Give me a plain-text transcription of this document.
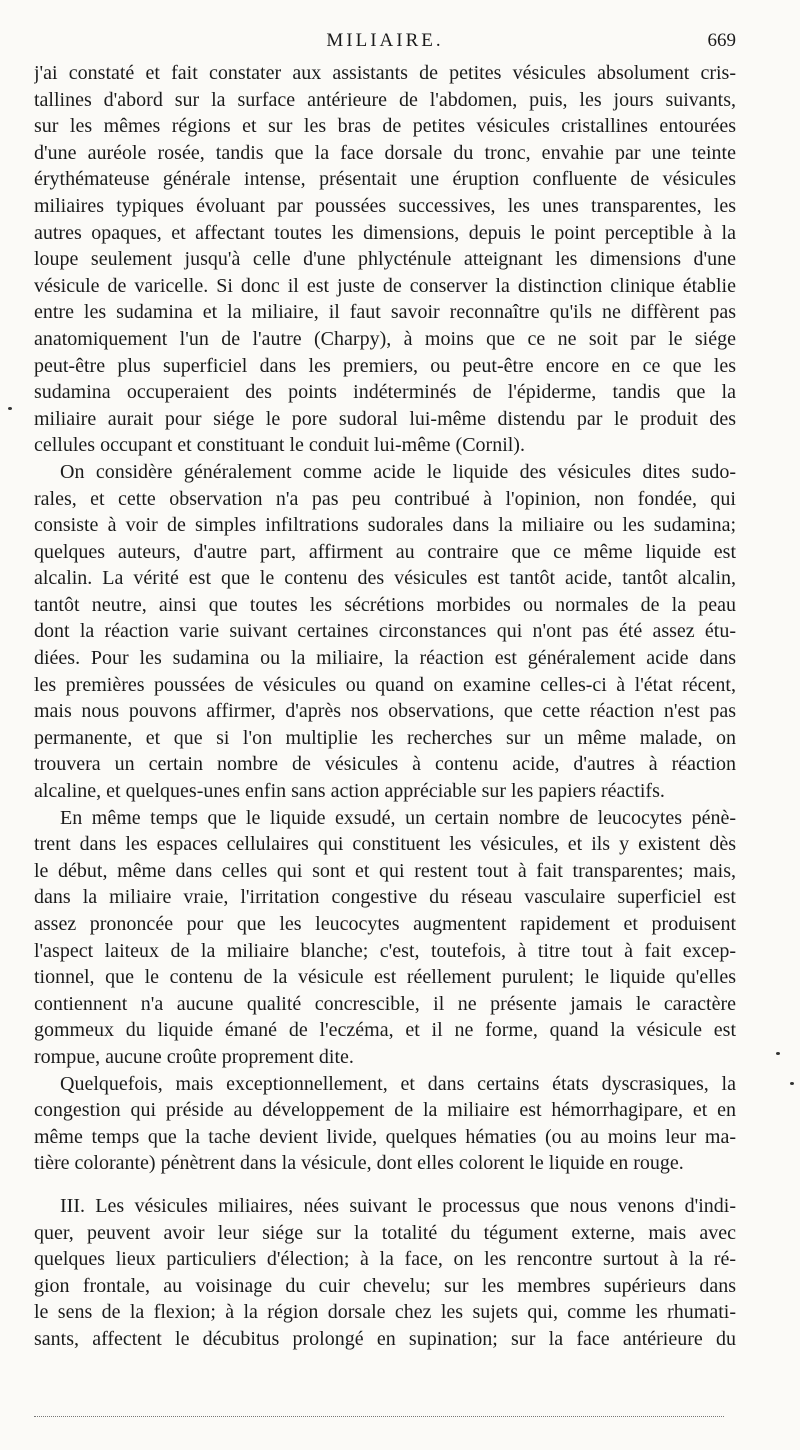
MILIAIRE.	669
j'ai constaté et fait constater aux assistants de petites vésicules absolument cris-
tallines d'abord sur la surface antérieure de l'abdomen, puis, les jours suivants,
sur les mêmes régions et sur les bras de petites vésicules cristallines entourées
d'une auréole rosée, tandis que la face dorsale du tronc, envahie par une teinte
érythémateuse générale intense, présentait une éruption confluente de vésicules
miliaires typiques évoluant par poussées successives, les unes transparentes, les
autres opaques, et affectant toutes les dimensions, depuis le point perceptible à la
loupe seulement jusqu'à celle d'une phlycténule atteignant les dimensions d'une
vésicule de varicelle. Si donc il est juste de conserver la distinction clinique établie
entre les sudamina et la miliaire, il faut savoir reconnaître qu'ils ne diffèrent pas
anatomiquement l'un de l'autre (Charpy), à moins que ce ne soit par le siége
peut-être plus superficiel dans les premiers, ou peut-être encore en ce que les
sudamina occuperaient des points indéterminés de l'épiderme, tandis que la
miliaire aurait pour siége le pore sudoral lui-même distendu par le produit des
cellules occupant et constituant le conduit lui-même (Cornil).
On considère généralement comme acide le liquide des vésicules dites sudo-
rales, et cette observation n'a pas peu contribué à l'opinion, non fondée, qui
consiste à voir de simples infiltrations sudorales dans la miliaire ou les sudamina;
quelques auteurs, d'autre part, affirment au contraire que ce même liquide est
alcalin. La vérité est que le contenu des vésicules est tantôt acide, tantôt alcalin,
tantôt neutre, ainsi que toutes les sécrétions morbides ou normales de la peau
dont la réaction varie suivant certaines circonstances qui n'ont pas été assez étu-
diées. Pour les sudamina ou la miliaire, la réaction est généralement acide dans
les premières poussées de vésicules ou quand on examine celles-ci à l'état récent,
mais nous pouvons affirmer, d'après nos observations, que cette réaction n'est pas
permanente, et que si l'on multiplie les recherches sur un même malade, on
trouvera un certain nombre de vésicules à contenu acide, d'autres à réaction
alcaline, et quelques-unes enfin sans action appréciable sur les papiers réactifs.
En même temps que le liquide exsudé, un certain nombre de leucocytes pénè-
trent dans les espaces cellulaires qui constituent les vésicules, et ils y existent dès
le début, même dans celles qui sont et qui restent tout à fait transparentes; mais,
dans la miliaire vraie, l'irritation congestive du réseau vasculaire superficiel est
assez prononcée pour que les leucocytes augmentent rapidement et produisent
l'aspect laiteux de la miliaire blanche; c'est, toutefois, à titre tout à fait excep-
tionnel, que le contenu de la vésicule est réellement purulent; le liquide qu'elles
contiennent n'a aucune qualité concrescible, il ne présente jamais le caractère
gommeux du liquide émané de l'eczéma, et il ne forme, quand la vésicule est
rompue, aucune croûte proprement dite.
Quelquefois, mais exceptionnellement, et dans certains états dyscrasiques, la
congestion qui préside au développement de la miliaire est hémorrhagipare, et en
même temps que la tache devient livide, quelques hématies (ou au moins leur ma-
tière colorante) pénètrent dans la vésicule, dont elles colorent le liquide en rouge.
III. Les vésicules miliaires, nées suivant le processus que nous venons d'indi-
quer, peuvent avoir leur siége sur la totalité du tégument externe, mais avec
quelques lieux particuliers d'élection; à la face, on les rencontre surtout à la ré-
gion frontale, au voisinage du cuir chevelu; sur les membres supérieurs dans
le sens de la flexion; à la région dorsale chez les sujets qui, comme les rhumati-
sants, affectent le décubitus prolongé en supination; sur la face antérieure du
